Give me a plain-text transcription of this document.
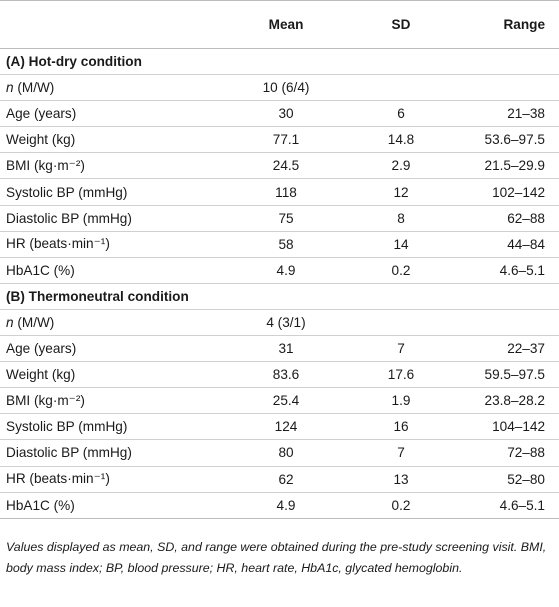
	Mean	SD	Range
(A) Hot-dry condition			
n (M/W)	10 (6/4)		
Age (years)	30	6	21–38
Weight (kg)	77.1	14.8	53.6–97.5
BMI (kg·m⁻²)	24.5	2.9	21.5–29.9
Systolic BP (mmHg)	118	12	102–142
Diastolic BP (mmHg)	75	8	62–88
HR (beats·min⁻¹)	58	14	44–84
HbA1C (%)	4.9	0.2	4.6–5.1
(B) Thermoneutral condition			
n (M/W)	4 (3/1)		
Age (years)	31	7	22–37
Weight (kg)	83.6	17.6	59.5–97.5
BMI (kg·m⁻²)	25.4	1.9	23.8–28.2
Systolic BP (mmHg)	124	16	104–142
Diastolic BP (mmHg)	80	7	72–88
HR (beats·min⁻¹)	62	13	52–80
HbA1C (%)	4.9	0.2	4.6–5.1

Values displayed as mean, SD, and range were obtained during the pre-study screening visit. BMI, body mass index; BP, blood pressure; HR, heart rate, HbA1c, glycated hemoglobin.
